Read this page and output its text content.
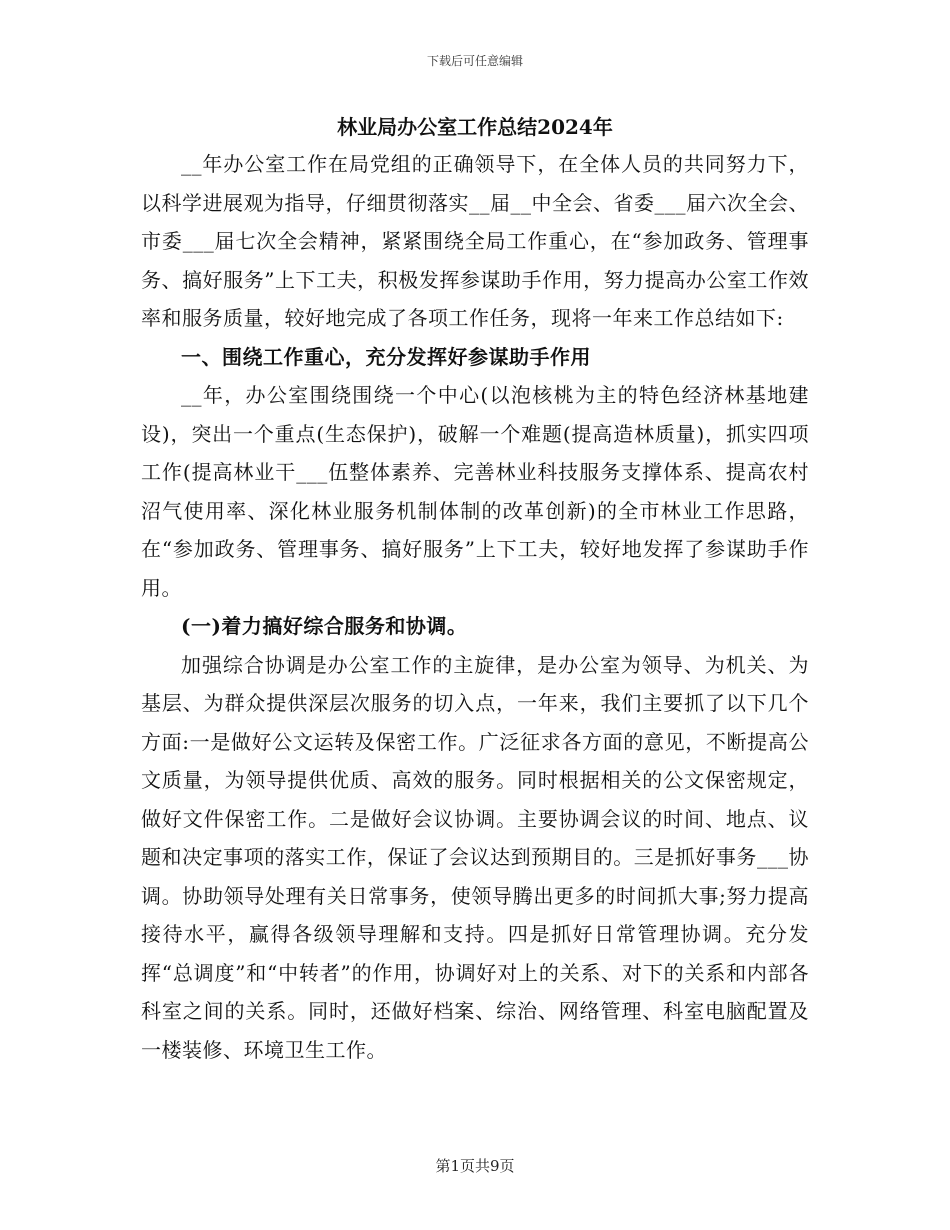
下载后可任意编辑
林业局办公室工作总结2024年

__年办公室工作在局党组的正确领导下，在全体人员的共同努力下，以科学进展观为指导，仔细贯彻落实__届__中全会、省委___届六次全会、市委___届七次全会精神，紧紧围绕全局工作重心，在“参加政务、管理事务、搞好服务”上下工夫，积极发挥参谋助手作用，努力提高办公室工作效率和服务质量，较好地完成了各项工作任务，现将一年来工作总结如下:

一、围绕工作重心，充分发挥好参谋助手作用

__年，办公室围绕围绕一个中心(以泡核桃为主的特色经济林基地建设)，突出一个重点(生态保护)，破解一个难题(提高造林质量)，抓实四项工作(提高林业干___伍整体素养、完善林业科技服务支撑体系、提高农村沼气使用率、深化林业服务机制体制的改革创新)的全市林业工作思路，在“参加政务、管理事务、搞好服务”上下工夫，较好地发挥了参谋助手作用。

(一)着力搞好综合服务和协调。

加强综合协调是办公室工作的主旋律，是办公室为领导、为机关、为基层、为群众提供深层次服务的切入点，一年来，我们主要抓了以下几个方面:一是做好公文运转及保密工作。广泛征求各方面的意见，不断提高公文质量，为领导提供优质、高效的服务。同时根据相关的公文保密规定，做好文件保密工作。二是做好会议协调。主要协调会议的时间、地点、议题和决定事项的落实工作，保证了会议达到预期目的。三是抓好事务___协调。协助领导处理有关日常事务，使领导腾出更多的时间抓大事;努力提高接待水平，赢得各级领导理解和支持。四是抓好日常管理协调。充分发挥“总调度”和“中转者”的作用，协调好对上的关系、对下的关系和内部各科室之间的关系。同时，还做好档案、综治、网络管理、科室电脑配置及一楼装修、环境卫生工作。

第1页共9页
